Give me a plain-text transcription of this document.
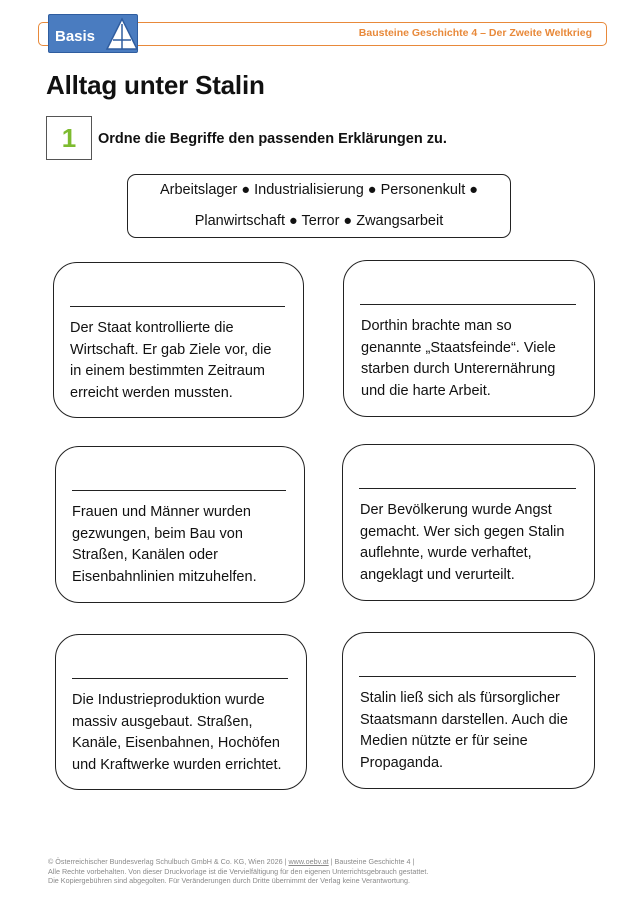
Bausteine Geschichte 4 – Der Zweite Weltkrieg
Basis
Alltag unter Stalin
1	Ordne die Begriffe den passenden Erklärungen zu.
Arbeitslager ● Industrialisierung ● Personenkult ●
Planwirtschaft ● Terror ● Zwangsarbeit
Der Staat kontrollierte die
Wirtschaft. Er gab Ziele vor, die
in einem bestimmten Zeitraum
erreicht werden mussten.
Dorthin brachte man so
genannte „Staatsfeinde“. Viele
starben durch Unterernährung
und die harte Arbeit.
Frauen und Männer wurden
gezwungen, beim Bau von
Straßen, Kanälen oder
Eisenbahnlinien mitzuhelfen.
Der Bevölkerung wurde Angst
gemacht. Wer sich gegen Stalin
auflehnte, wurde verhaftet,
angeklagt und verurteilt.
Die Industrieproduktion wurde
massiv ausgebaut. Straßen,
Kanäle, Eisenbahnen, Hochöfen
und Kraftwerke wurden errichtet.
Stalin ließ sich als fürsorglicher
Staatsmann darstellen. Auch die
Medien nützte er für seine
Propaganda.
© Österreichischer Bundesverlag Schulbuch GmbH & Co. KG, Wien 2026 | www.oebv.at | Bausteine Geschichte 4 |
Alle Rechte vorbehalten. Von dieser Druckvorlage ist die Vervielfältigung für den eigenen Unterrichtsgebrauch gestattet.
Die Kopiergebühren sind abgegolten. Für Veränderungen durch Dritte übernimmt der Verlag keine Verantwortung.
